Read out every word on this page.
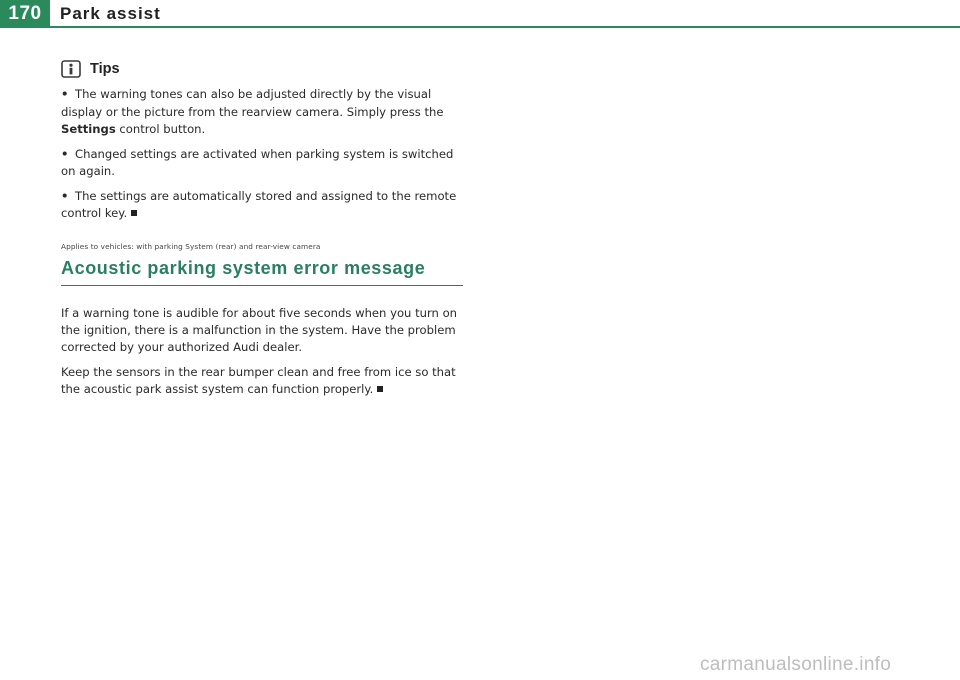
170	Park assist
Tips

• The warning tones can also be adjusted directly by the visual display or the picture from the rearview camera. Simply press the Settings control button.

• Changed settings are activated when parking system is switched on again.

• The settings are automatically stored and assigned to the remote control key.

Applies to vehicles: with parking System (rear) and rear-view camera
Acoustic parking system error message

If a warning tone is audible for about five seconds when you turn on the ignition, there is a malfunction in the system. Have the problem corrected by your authorized Audi dealer.

Keep the sensors in the rear bumper clean and free from ice so that the acoustic park assist system can function properly.

carmanualsonline.info
